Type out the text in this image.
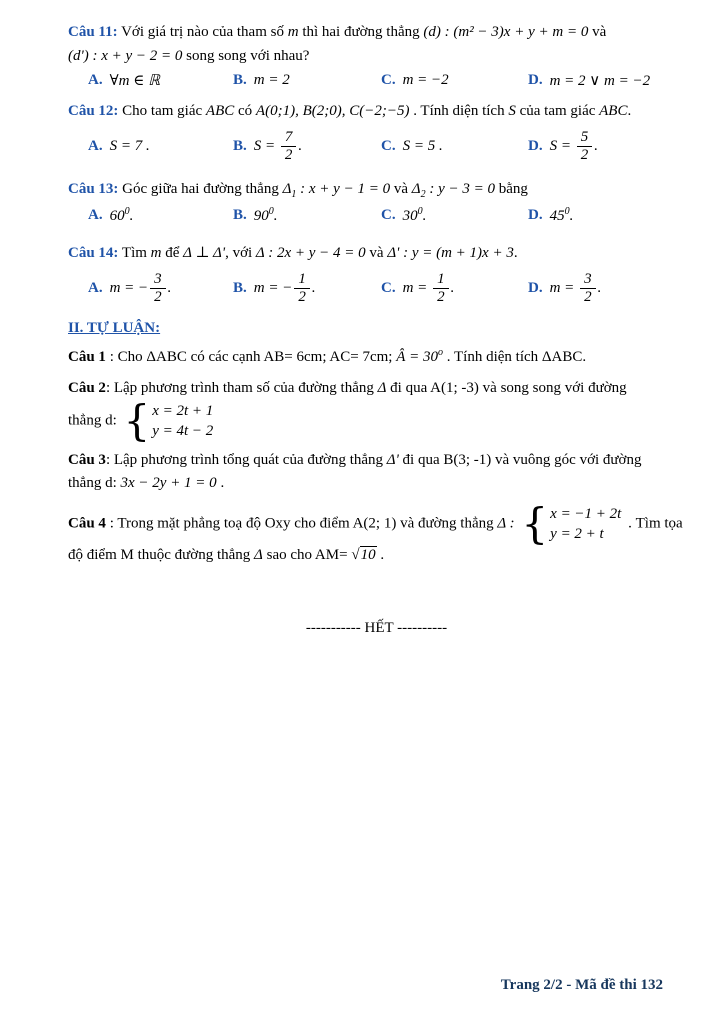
Câu 11: Với giá trị nào của tham số m thì hai đường thẳng (d) : (m² − 3)x + y + m = 0 và

(d') : x + y − 2 = 0 song song với nhau?

A. ∀m ∈ ℝ	B. m = 2	C. m = −2	D. m = 2 ∨ m = −2

Câu 12: Cho tam giác ABC có A(0;1), B(2;0), C(−2;−5) . Tính diện tích S của tam giác ABC.

A. S = 7 .	B. S =
$\frac{7}{2}$ .	C. S = 5 .	D. S =
$\frac{5}{2}$ .

Câu 13: Góc giữa hai đường thẳng $\Delta_1$ : x + y − 1 = 0 và $\Delta_2$ : y − 3 = 0 bằng

A. $60^0$.	B. $90^0$.	C. $30^0$.	D. $45^0$.

Câu 14: Tìm m để Δ ⊥ Δ', với Δ : 2x + y − 4 = 0 và Δ' : y = (m + 1)x + 3.

A. m = − $\frac{3}{2}$ .	B. m = − $\frac{1}{2}$ .	C. m =
$\frac{1}{2}$ .	D. m =
$\frac{3}{2}$ .

II. TỰ LUẬN:

Câu 1 : Cho ΔABC có các cạnh AB= 6cm; AC= 7cm; Â = $30^o$ . Tính diện tích ΔABC.

Câu 2: Lập phương trình tham số của đường thẳng Δ đi qua A(1; -3) và song song với đường

thẳng d: { x = 2t + 1
y = 4t − 2

Câu 3: Lập phương trình tổng quát của đường thẳng Δ' đi qua B(3; -1) và vuông góc với đường

thẳng d: 3x − 2y + 1 = 0 .

Câu 4 : Trong mặt phẳng toạ độ Oxy cho điểm A(2; 1) và đường thẳng Δ : { x = −1 + 2t
y = 2 + t
. Tìm tọa

độ điểm M thuộc đường thẳng Δ sao cho AM= √10 .

----------- HẾT ----------

Trang 2/2 - Mã đề thi 132
